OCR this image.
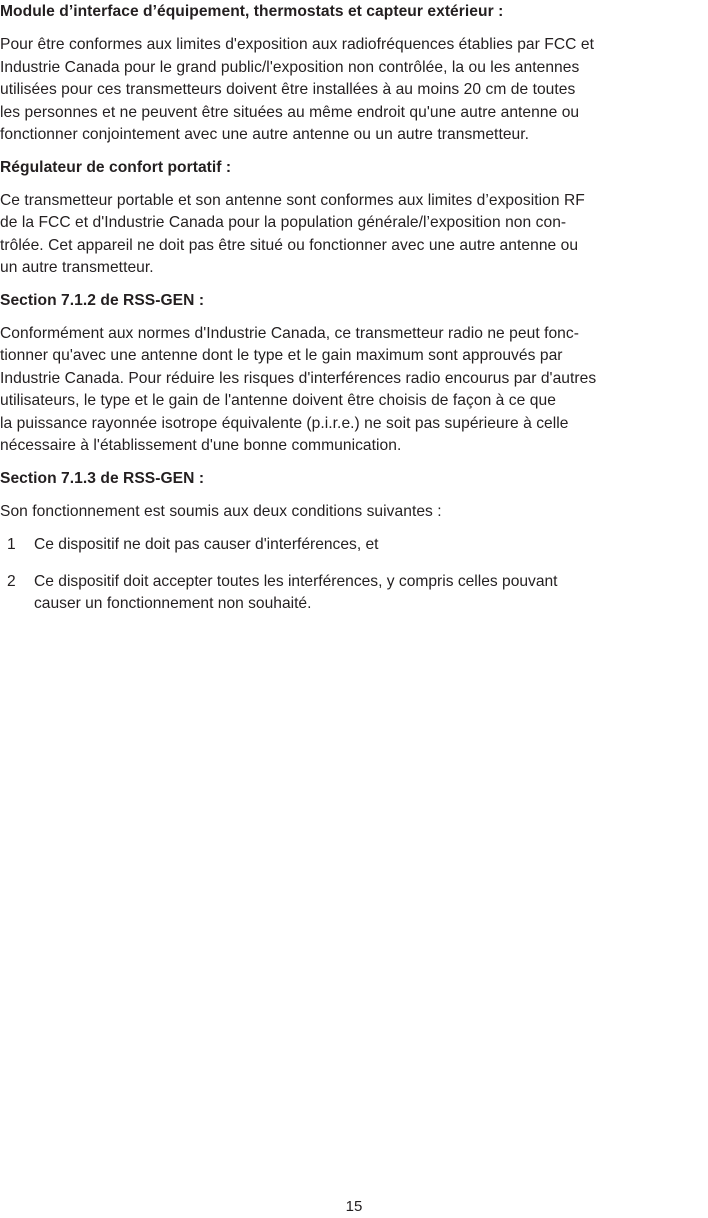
Module d’interface d’équipement, thermostats et capteur extérieur :

Pour être conformes aux limites d'exposition aux radiofréquences établies par FCC et
Industrie Canada pour le grand public/l'exposition non contrôlée, la ou les antennes
utilisées pour ces transmetteurs doivent être installées à au moins 20 cm de toutes
les personnes et ne peuvent être situées au même endroit qu'une autre antenne ou
fonctionner conjointement avec une autre antenne ou un autre transmetteur.

Régulateur de confort portatif :

Ce transmetteur portable et son antenne sont conformes aux limites d’exposition RF
de la FCC et d'Industrie Canada pour la population générale/l’exposition non con-
trôlée. Cet appareil ne doit pas être situé ou fonctionner avec une autre antenne ou
un autre transmetteur.

Section 7.1.2 de RSS-GEN :

Conformément aux normes d'Industrie Canada, ce transmetteur radio ne peut fonc-
tionner qu'avec une antenne dont le type et le gain maximum sont approuvés par
Industrie Canada. Pour réduire les risques d'interférences radio encourus par d'autres
utilisateurs, le type et le gain de l'antenne doivent être choisis de façon à ce que
la puissance rayonnée isotrope équivalente (p.i.r.e.) ne soit pas supérieure à celle
nécessaire à l'établissement d'une bonne communication.

Section 7.1.3 de RSS-GEN :

Son fonctionnement est soumis aux deux conditions suivantes :

1 Ce dispositif ne doit pas causer d'interférences, et
2 Ce dispositif doit accepter toutes les interférences, y compris celles pouvant
causer un fonctionnement non souhaité.
15
